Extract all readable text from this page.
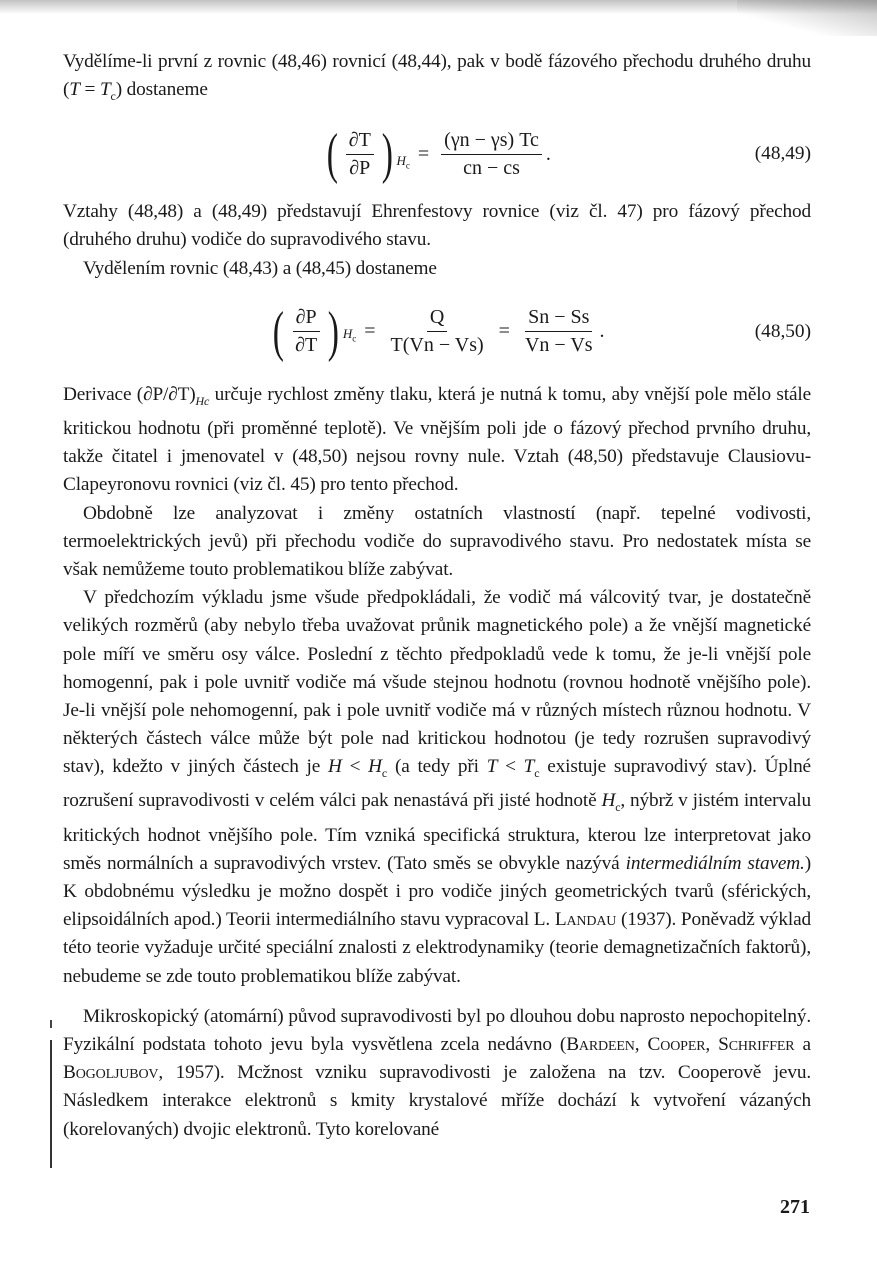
Vydělíme-li první z rovnic (48,46) rovnicí (48,44), pak v bodě fázového přechodu druhého druhu $(T = T_c)$ dostaneme

( $\frac{\partial T}{\partial P}$ ) $H_c$
= $\frac{(\gamma n - \gamma s) Tc}{cn - cs}$ .	(48,49)

Vztahy (48,48) a (48,49) představují Ehrenfestovy rovnice (viz čl. 47) pro fázový přechod (druhého druhu) vodiče do supravodivého stavu.

Vydělením rovnic (48,43) a (48,45) dostaneme

( $\frac{\partial P}{\partial T}$ ) $H_c = \frac{Q}{T(Vn - Vs)} = \frac{Sn - Ss}{Vn - Vs}$ .	(48,50)

Derivace $(\partial P/\partial T)_{Hc}$ určuje rychlost změny tlaku, která je nutná k tomu, aby vnější pole mělo stále kritickou hodnotu (při proměnné teplotě). Ve vnějším poli jde o fázový přechod prvního druhu, takže čitatel i jmenovatel v (48,50) nejsou rovny nule. Vztah (48,50) představuje Clausiovu-Clapeyronovu rovnici (viz čl. 45) pro tento přechod.

Obdobně lze analyzovat i změny ostatních vlastností (např. tepelné vodivosti, termoelektrických jevů) při přechodu vodiče do supravodivého stavu. Pro nedostatek místa se však nemůžeme touto problematikou blíže zabývat.

V předchozím výkladu jsme všude předpokládali, že vodič má válcovitý tvar, je dostatečně velikých rozměrů (aby nebylo třeba uvažovat průnik magnetického pole) a že vnější magnetické pole míří ve směru osy válce. Poslední z těchto předpokladů vede k tomu, že je-li vnější pole homogenní, pak i pole uvnitř vodiče má všude stejnou hodnotu (rovnou hodnotě vnějšího pole). Je-li vnější pole nehomogenní, pak i pole uvnitř vodiče má v různých místech různou hodnotu. V některých částech válce může být pole nad kritickou hodnotou (je tedy rozrušen supravodivý stav), kdežto v jiných částech je $H < H_c$ (a tedy při $T < T_c$ existuje supravodivý stav). Úplné rozrušení supravodivosti v celém válci pak nenastává při jisté hodnotě $H_c$, nýbrž v jistém intervalu kritických hodnot vnějšího pole. Tím vzniká specifická struktura, kterou lze interpretovat jako směs normálních a supravodivých vrstev. (Tato směs se obvykle nazývá intermediálním stavem.) K obdobnému výsledku je možno dospět i pro vodiče jiných geometrických tvarů (sférických, elipsoidálních apod.) Teorii intermediálního stavu vypracoval L. Landau (1937). Poněvadž výklad této teorie vyžaduje určité speciální znalosti z elektrodynamiky (teorie demagnetizačních faktorů), nebudeme se zde touto problematikou blíže zabývat.

Mikroskopický (atomární) původ supravodivosti byl po dlouhou dobu naprosto nepochopitelný. Fyzikální podstata tohoto jevu byla vysvětlena zcela nedávno (Bardeen, Cooper, Schriffer a Bogoljubov, 1957). Mcžnost vzniku supravodivosti je založena na tzv. Cooperově jevu. Následkem interakce elektronů s kmity krystalové mříže dochází k vytvoření vázaných (korelovaných) dvojic elektronů. Tyto korelované

271
